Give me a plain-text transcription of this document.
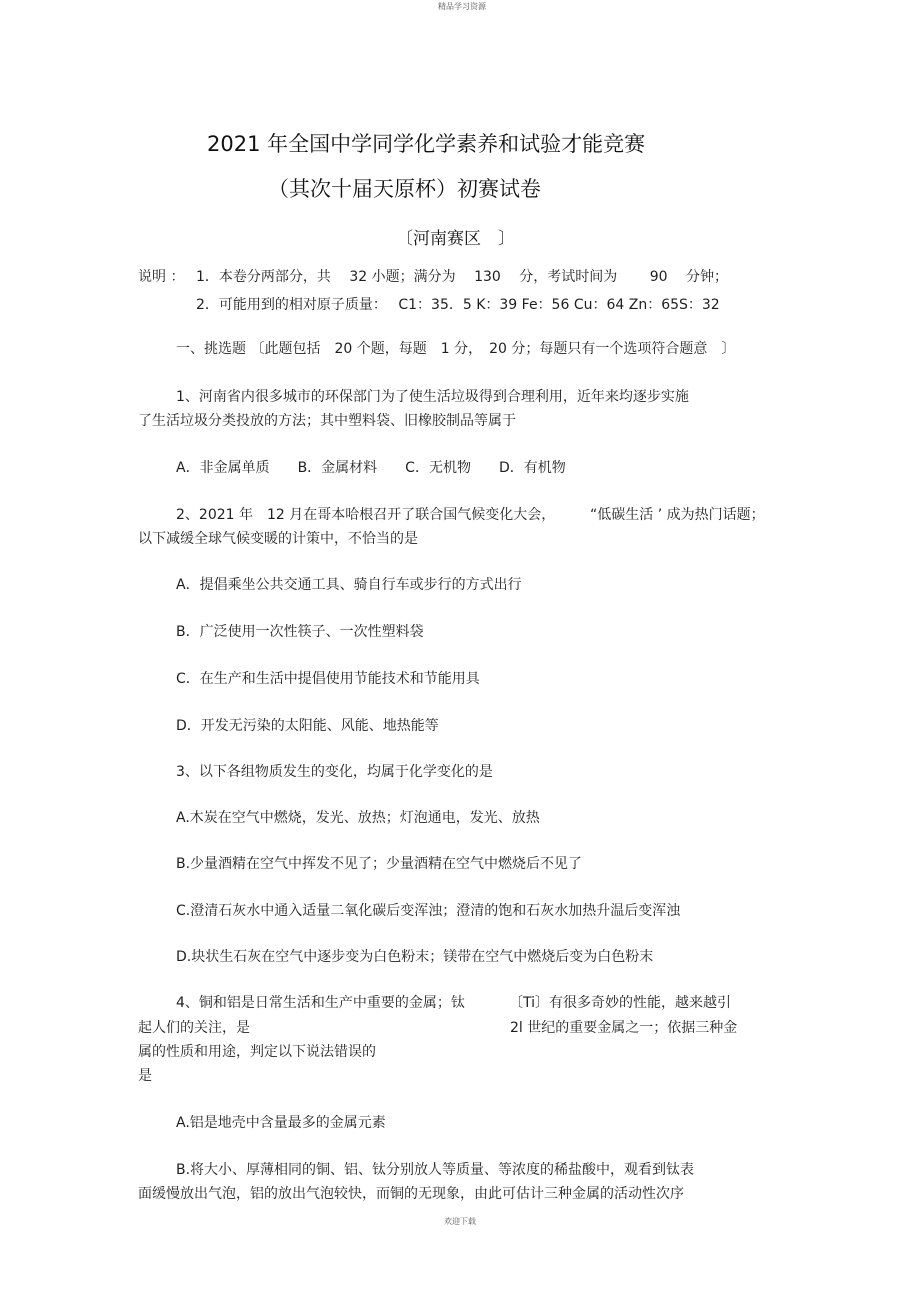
精品学习资源
2021 年全国中学同学化学素养和试验才能竞赛
（其次十届天原杯）初赛试卷
〔河南赛区　〕
说明 ： 1．本卷分两部分，共　 32 小题；满分为　 130　 分，考试时间为　　 90　 分钟；
2．可能用到的相对原子质量：　 C1：35．5 K：39 Fe：56 Cu：64 Zn：65S：32
一、挑选题 〔此题包括　20 个题，每题　1 分，　20 分；每题只有一个选项符合题意　〕
1、河南省内很多城市的环保部门为了使生活垃圾得到合理利用，近年来均逐步实施
了生活垃圾分类投放的方法；其中塑料袋、旧橡胶制品等属于
A．非金属单质　　B．金属材料　　C．无机物　　D．有机物
2、2021 年　12 月在哥本哈根召开了联合国气候变化大会， “低碳生活 ’ 成为热门话题；
以下减缓全球气候变暖的计策中，不恰当的是
A．提倡乘坐公共交通工具、骑自行车或步行的方式出行
B．广泛使用一次性筷子、一次性塑料袋
C．在生产和生活中提倡使用节能技术和节能用具
D．开发无污染的太阳能、风能、地热能等
3、以下各组物质发生的变化，均属于化学变化的是
A.木炭在空气中燃烧，发光、放热；灯泡通电，发光、放热
B.少量酒精在空气中挥发不见了；少量酒精在空气中燃烧后不见了
C.澄清石灰水中通入适量二氧化碳后变浑浊；澄清的饱和石灰水加热升温后变浑浊
D.块状生石灰在空气中逐步变为白色粉末；镁带在空气中燃烧后变为白色粉末
4、铜和铝是日常生活和生产中重要的金属；钛	〔Ti〕有很多奇妙的性能，越来越引
起人们的关注，是	2l 世纪的重要金属之一；依据三种金
属的性质和用途，判定以下说法错误的
是
A.铝是地壳中含量最多的金属元素
B.将大小、厚薄相同的铜、铝、钛分别放人等质量、等浓度的稀盐酸中，观看到钛表
面缓慢放出气泡，铝的放出气泡较快，而铜的无现象，由此可估计三种金属的活动性次序
欢迎下载
